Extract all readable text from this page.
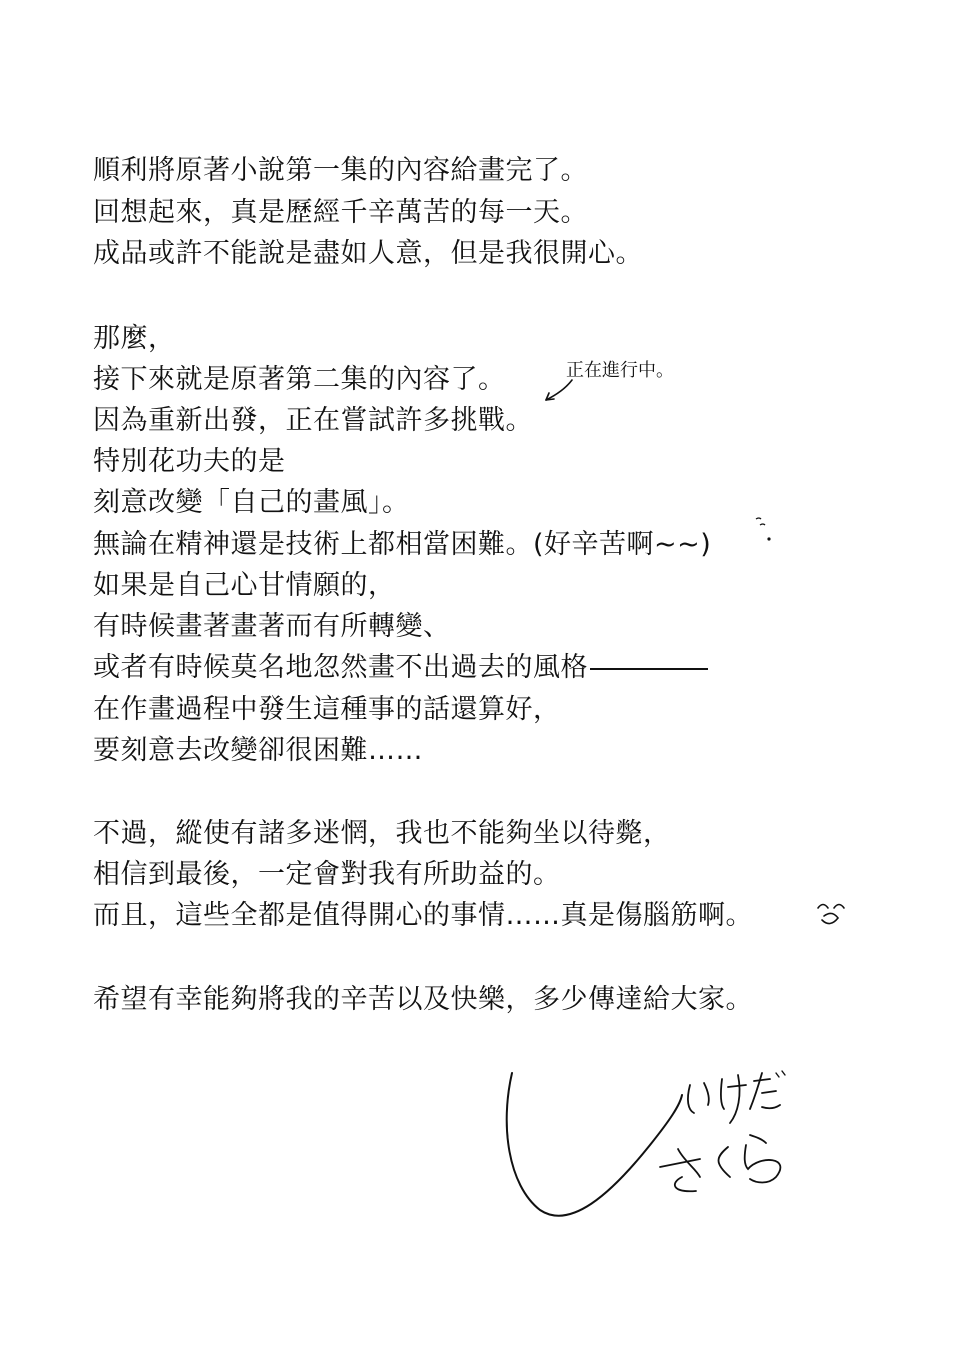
順利將原著小說第一集的內容給畫完了。
回想起來，真是歷經千辛萬苦的每一天。
成品或許不能說是盡如人意，但是我很開心。
那麼，
接下來就是原著第二集的內容了。
因為重新出發，正在嘗試許多挑戰。
特別花功夫的是
刻意改變「自己的畫風」。
無論在精神還是技術上都相當困難。(好辛苦啊~~)
如果是自己心甘情願的，
有時候畫著畫著而有所轉變、
或者有時候莫名地忽然畫不出過去的風格
在作畫過程中發生這種事的話還算好，
要刻意去改變卻很困難……
不過，縱使有諸多迷惘，我也不能夠坐以待斃，
相信到最後，一定會對我有所助益的。
而且，這些全都是值得開心的事情……真是傷腦筋啊。
希望有幸能夠將我的辛苦以及快樂，多少傳達給大家。
正在進行中。
